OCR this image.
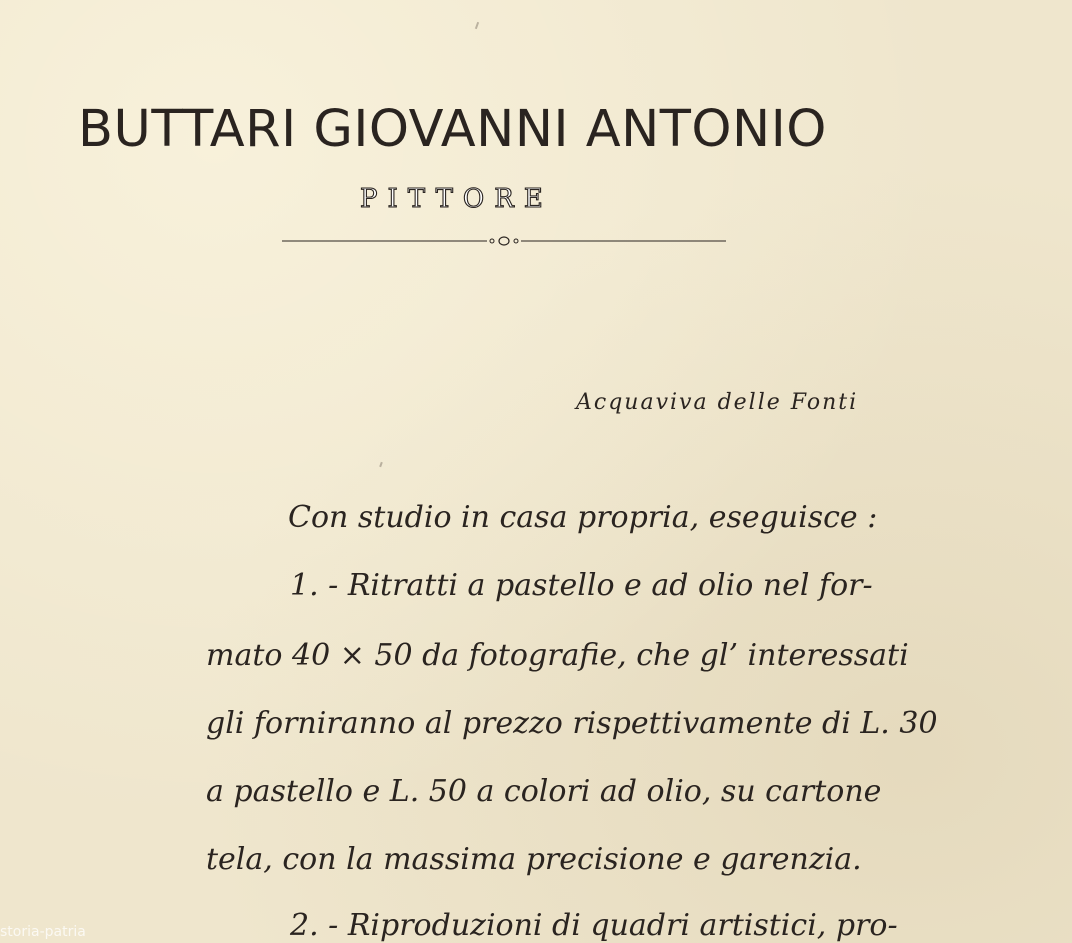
BUTTARI GIOVANNI ANTONIO
PITTORE
Acquaviva delle Fonti

Con studio in casa propria, eseguisce :

1. - Ritratti a pastello e ad olio nel for-

mato 40 × 50 da fotografie, che gl’ interessati

gli forniranno al prezzo rispettivamente di L. 30

a pastello e L. 50 a colori ad olio, su cartone

tela, con la massima precisione e garenzia.

2. - Riproduzioni di quadri artistici, pro-

storia-patria
